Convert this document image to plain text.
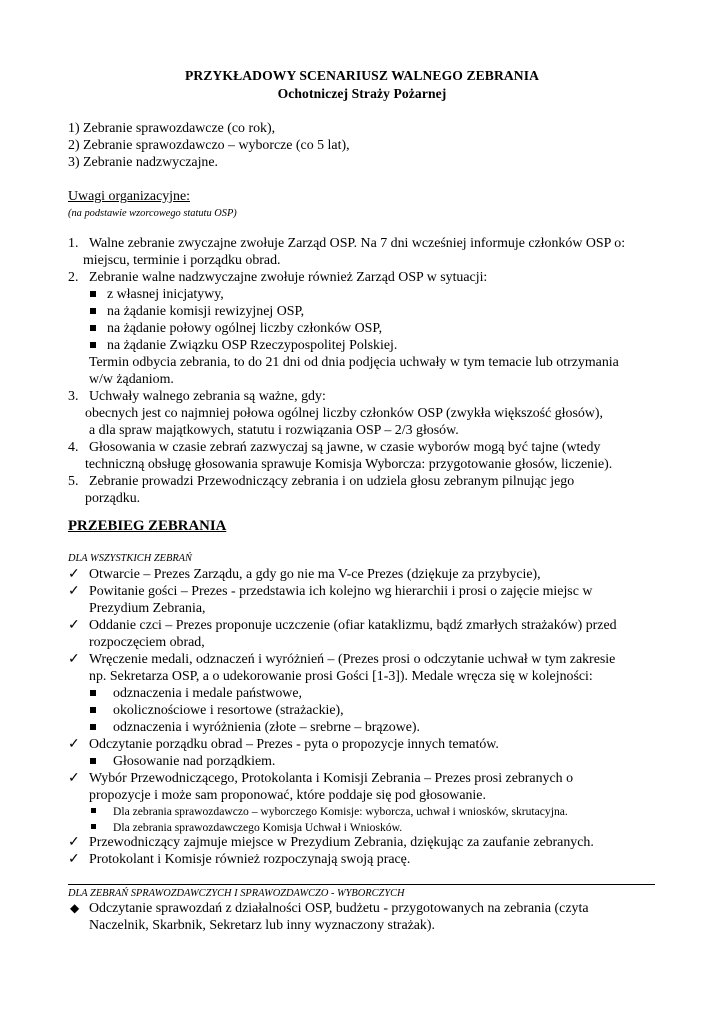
PRZYKŁADOWY SCENARIUSZ WALNEGO ZEBRANIA
Ochotniczej Straży Pożarnej
1) Zebranie sprawozdawcze (co rok),
2) Zebranie sprawozdawczo – wyborcze (co 5 lat),
3) Zebranie nadzwyczajne.
Uwagi organizacyjne:
(na podstawie wzorcowego statutu OSP)
1. Walne zebranie zwyczajne zwołuje Zarząd OSP. Na 7 dni wcześniej informuje członków OSP o:
miejscu, terminie i porządku obrad.
2. Zebranie walne nadzwyczajne zwołuje również Zarząd OSP w sytuacji:
z własnej inicjatywy,
na żądanie komisji rewizyjnej OSP,
na żądanie połowy ogólnej liczby członków OSP,
na żądanie Związku OSP Rzeczypospolitej Polskiej.
Termin odbycia zebrania, to do 21 dni od dnia podjęcia uchwały w tym temacie lub otrzymania
w/w żądaniom.
3. Uchwały walnego zebrania są ważne, gdy:
obecnych jest co najmniej połowa ogólnej liczby członków OSP (zwykła większość głosów),
a dla spraw majątkowych, statutu i rozwiązania OSP – 2/3 głosów.
4. Głosowania w czasie zebrań zazwyczaj są jawne, w czasie wyborów mogą być tajne (wtedy
techniczną obsługę głosowania sprawuje Komisja Wyborcza: przygotowanie głosów, liczenie).
5. Zebranie prowadzi Przewodniczący zebrania i on udziela głosu zebranym pilnując jego
porządku.
PRZEBIEG ZEBRANIA
DLA WSZYSTKICH ZEBRAŃ
✓ Otwarcie – Prezes Zarządu, a gdy go nie ma V-ce Prezes (dziękuje za przybycie),
✓ Powitanie gości – Prezes - przedstawia ich kolejno wg hierarchii i prosi o zajęcie miejsc w
Prezydium Zebrania,
✓ Oddanie czci – Prezes proponuje uczczenie (ofiar kataklizmu, bądź zmarłych strażaków) przed
rozpoczęciem obrad,
✓ Wręczenie medali, odznaczeń i wyróżnień – (Prezes prosi o odczytanie uchwał w tym zakresie
np. Sekretarza OSP, a o udekorowanie prosi Gości [1-3]). Medale wręcza się w kolejności:
odznaczenia i medale państwowe,
okolicznościowe i resortowe (strażackie),
odznaczenia i wyróżnienia (złote – srebrne – brązowe).
✓ Odczytanie porządku obrad – Prezes - pyta o propozycje innych tematów.
Głosowanie nad porządkiem.
✓ Wybór Przewodniczącego, Protokolanta i Komisji Zebrania – Prezes prosi zebranych o
propozycje i może sam proponować, które poddaje się pod głosowanie.
Dla zebrania sprawozdawczo – wyborczego Komisje: wyborcza, uchwał i wniosków, skrutacyjna.
Dla zebrania sprawozdawczego Komisja Uchwał i Wniosków.
✓ Przewodniczący zajmuje miejsce w Prezydium Zebrania, dziękując za zaufanie zebranych.
✓ Protokolant i Komisje również rozpoczynają swoją pracę.
DLA ZEBRAŃ SPRAWOZDAWCZYCH I SPRAWOZDAWCZO - WYBORCZYCH
◆ Odczytanie sprawozdań z działalności OSP, budżetu - przygotowanych na zebrania (czyta
Naczelnik, Skarbnik, Sekretarz lub inny wyznaczony strażak).
